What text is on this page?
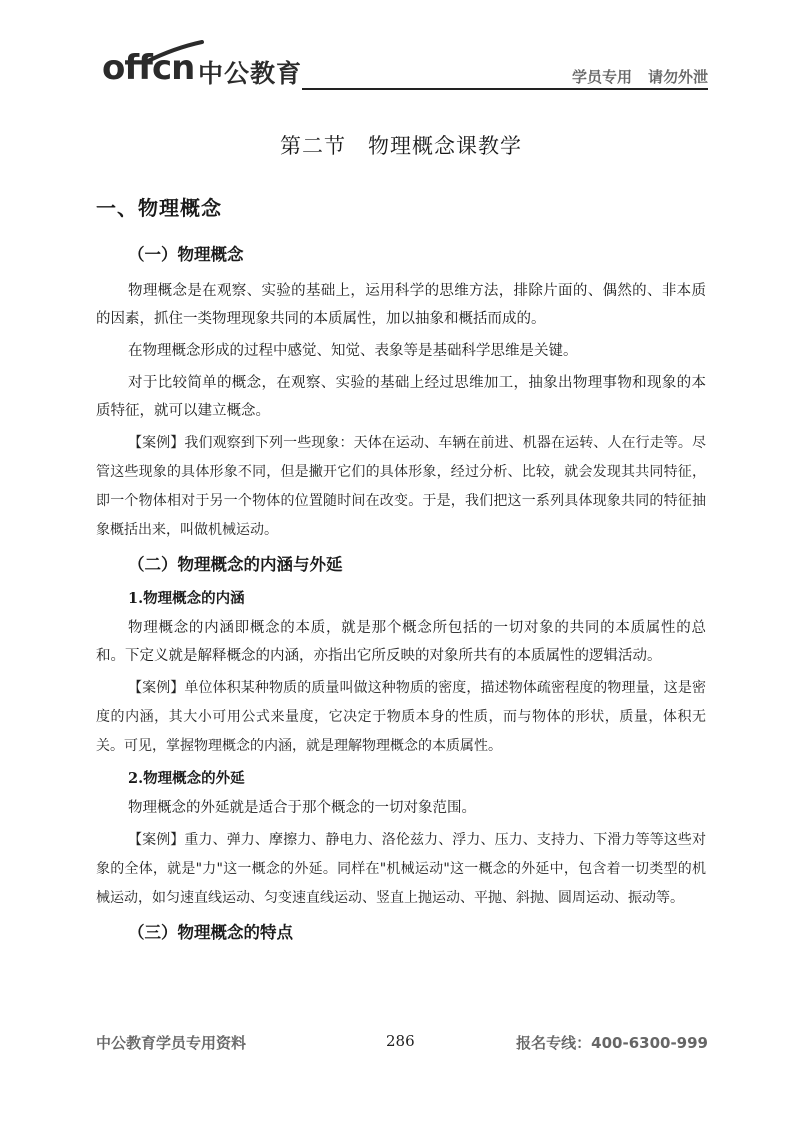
offcn 中公教育	学员专用 请勿外泄
第二节　物理概念课教学
一、物理概念
（一）物理概念

物理概念是在观察、实验的基础上，运用科学的思维方法，排除片面的、偶然的、非本质的因素，抓住一类物理现象共同的本质属性，加以抽象和概括而成的。

在物理概念形成的过程中感觉、知觉、表象等是基础科学思维是关键。

对于比较简单的概念，在观察、实验的基础上经过思维加工，抽象出物理事物和现象的本质特征，就可以建立概念。

【案例】我们观察到下列一些现象：天体在运动、车辆在前进、机器在运转、人在行走等。尽管这些现象的具体形象不同，但是撇开它们的具体形象，经过分析、比较，就会发现其共同特征，即一个物体相对于另一个物体的位置随时间在改变。于是，我们把这一系列具体现象共同的特征抽象概括出来，叫做机械运动。

（二）物理概念的内涵与外延
1.物理概念的内涵

物理概念的内涵即概念的本质，就是那个概念所包括的一切对象的共同的本质属性的总和。下定义就是解释概念的内涵，亦指出它所反映的对象所共有的本质属性的逻辑活动。

【案例】单位体积某种物质的质量叫做这种物质的密度，描述物体疏密程度的物理量，这是密度的内涵，其大小可用公式来量度，它决定于物质本身的性质，而与物体的形状，质量，体积无关。可见，掌握物理概念的内涵，就是理解物理概念的本质属性。

2.物理概念的外延

物理概念的外延就是适合于那个概念的一切对象范围。

【案例】重力、弹力、摩擦力、静电力、洛伦兹力、浮力、压力、支持力、下滑力等等这些对象的全体，就是"力"这一概念的外延。同样在"机械运动"这一概念的外延中，包含着一切类型的机械运动，如匀速直线运动、匀变速直线运动、竖直上抛运动、平抛、斜抛、圆周运动、振动等。

（三）物理概念的特点
中公教育学员专用资料	286	报名专线：400-6300-999
